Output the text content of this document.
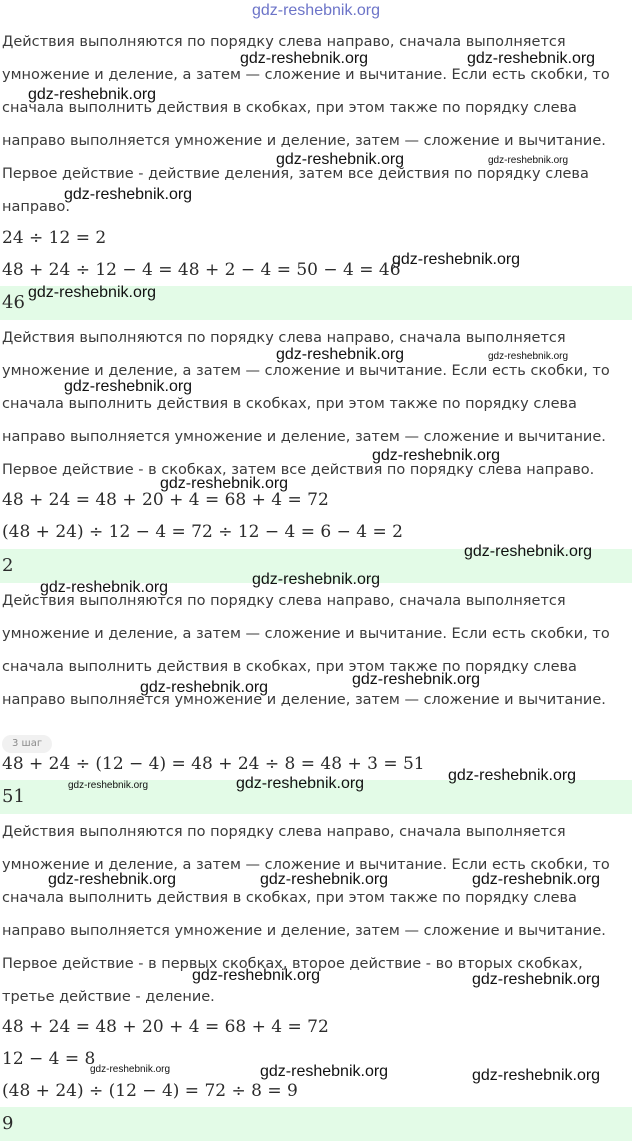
gdz-reshebnik.org
Действия выполняются по порядку слева направо, сначала выполняется
умножение и деление, а затем — сложение и вычитание. Если есть скобки, то
сначала выполнить действия в скобках, при этом также по порядку слева
направо выполняется умножение и деление, затем — сложение и вычитание.
Первое действие - действие деления, затем все действия по порядку слева
направо.
24 ÷ 12 = 2
48 + 24 ÷ 12 − 4 = 48 + 2 − 4 = 50 − 4 = 46
46
Действия выполняются по порядку слева направо, сначала выполняется
умножение и деление, а затем — сложение и вычитание. Если есть скобки, то
сначала выполнить действия в скобках, при этом также по порядку слева
направо выполняется умножение и деление, затем — сложение и вычитание.
Первое действие - в скобках, затем все действия по порядку слева направо.
48 + 24 = 48 + 20 + 4 = 68 + 4 = 72
(48 + 24) ÷ 12 − 4 = 72 ÷ 12 − 4 = 6 − 4 = 2
2
Действия выполняются по порядку слева направо, сначала выполняется
умножение и деление, а затем — сложение и вычитание. Если есть скобки, то
сначала выполнить действия в скобках, при этом также по порядку слева
направо выполняется умножение и деление, затем — сложение и вычитание.
3 шаг
48 + 24 ÷ (12 − 4) = 48 + 24 ÷ 8 = 48 + 3 = 51
51
Действия выполняются по порядку слева направо, сначала выполняется
умножение и деление, а затем — сложение и вычитание. Если есть скобки, то
сначала выполнить действия в скобках, при этом также по порядку слева
направо выполняется умножение и деление, затем — сложение и вычитание.
Первое действие - в первых скобках, второе действие - во вторых скобках,
третье действие - деление.
48 + 24 = 48 + 20 + 4 = 68 + 4 = 72
12 − 4 = 8
(48 + 24) ÷ (12 − 4) = 72 ÷ 8 = 9
9
gdz-reshebnik.org	gdz-reshebnik.org
gdz-reshebnik.org
gdz-reshebnik.org	gdz-reshebnik.org
gdz-reshebnik.org
gdz-reshebnik.org
gdz-reshebnik.org
gdz-reshebnik.org	gdz-reshebnik.org
gdz-reshebnik.org
gdz-reshebnik.org
gdz-reshebnik.org
gdz-reshebnik.org
gdz-reshebnik.org
gdz-reshebnik.org
gdz-reshebnik.org
gdz-reshebnik.org
gdz-reshebnik.org
gdz-reshebnik.org
gdz-reshebnik.org
gdz-reshebnik.org	gdz-reshebnik.org	gdz-reshebnik.org
gdz-reshebnik.org	gdz-reshebnik.org
gdz-reshebnik.org	gdz-reshebnik.org	gdz-reshebnik.org
